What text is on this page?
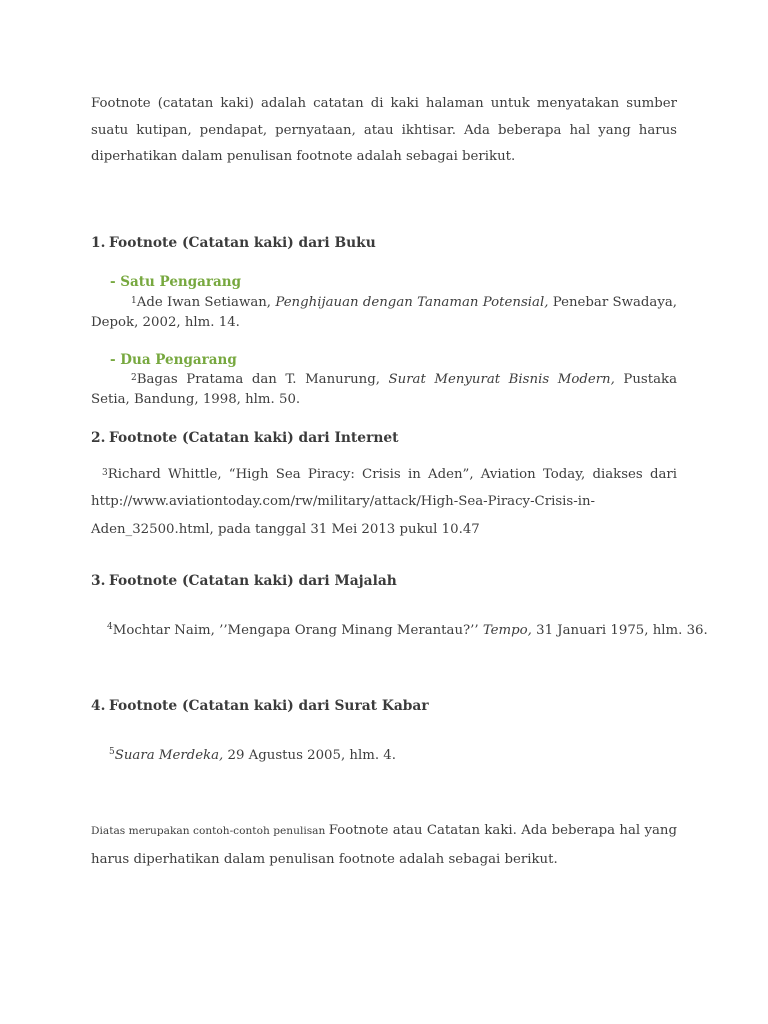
Footnote (catatan kaki) adalah catatan di kaki halaman untuk menyatakan sumber suatu kutipan, pendapat, pernyataan, atau ikhtisar. Ada beberapa hal yang harus diperhatikan dalam penulisan footnote adalah sebagai berikut.

1. Footnote (Catatan kaki) dari Buku
- Satu Pengarang

$^1$Ade Iwan Setiawan, Penghijauan dengan Tanaman Potensial, Penebar Swadaya, Depok, 2002, hlm. 14.

- Dua Pengarang

$^2$Bagas Pratama dan T. Manurung, Surat Menyurat Bisnis Modern, Pustaka Setia, Bandung, 1998, hlm. 50.

2. Footnote (Catatan kaki) dari Internet

$^3$Richard Whittle, “High Sea Piracy: Crisis in Aden”, Aviation Today, diakses dari http://www.aviationtoday.com/rw/military/attack/High-Sea-Piracy-Crisis-in-Aden_32500.html, pada tanggal 31 Mei 2013 pukul 10.47

3. Footnote (Catatan kaki) dari Majalah

$^4$Mochtar Naim, ’’Mengapa Orang Minang Merantau?’’ Tempo, 31 Januari 1975, hlm. 36.

4. Footnote (Catatan kaki) dari Surat Kabar

$^5$Suara Merdeka, 29 Agustus 2005, hlm. 4.

Diatas merupakan contoh-contoh penulisan Footnote atau Catatan kaki. Ada beberapa hal yang harus diperhatikan dalam penulisan footnote adalah sebagai berikut.
